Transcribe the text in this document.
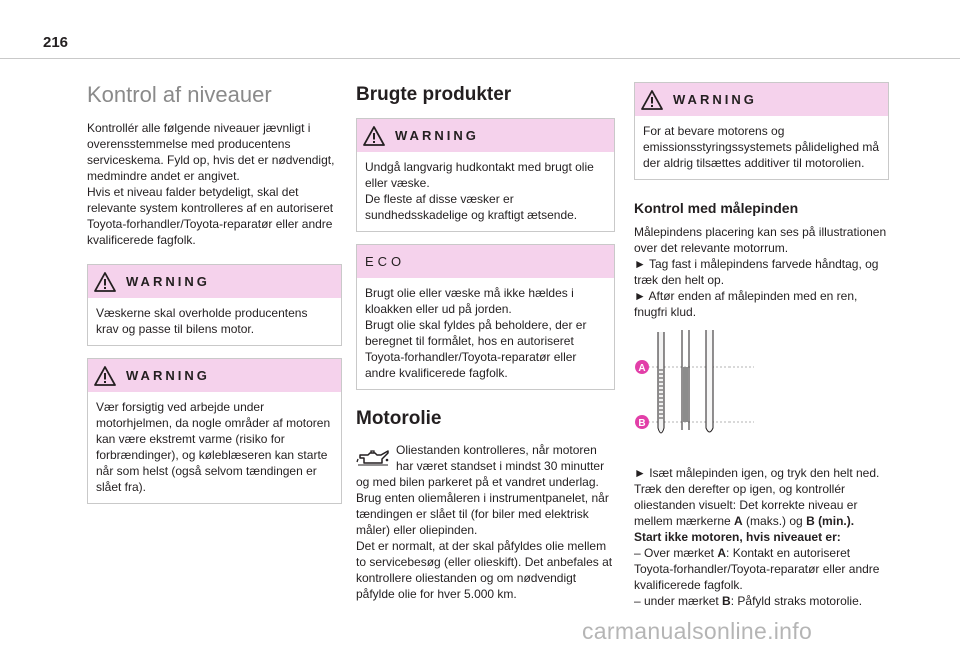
216
Kontrol af niveauer

Kontrollér alle følgende niveauer jævnligt i overensstemmelse med producentens serviceskema. Fyld op, hvis det er nødvendigt, medmindre andet er angivet.
Hvis et niveau falder betydeligt, skal det relevante system kontrolleres af en autoriseret Toyota-forhandler/Toyota-reparatør eller andre kvalificerede fagfolk.

WARNING
Væskerne skal overholde producentens krav og passe til bilens motor.
WARNING
Vær forsigtig ved arbejde under motorhjelmen, da nogle områder af motoren kan være ekstremt varme (risiko for forbrændinger), og køleblæseren kan starte når som helst (også selvom tændingen er slået fra).
Brugte produkter
WARNING
Undgå langvarig hudkontakt med brugt olie eller væske.
De fleste af disse væsker er sundhedsskadelige og kraftigt ætsende.
ECO
Brugt olie eller væske må ikke hældes i kloakken eller ud på jorden.
Brugt olie skal fyldes på beholdere, der er beregnet til formålet, hos en autoriseret Toyota-forhandler/Toyota-reparatør eller andre kvalificerede fagfolk.
Motorolie

Oliestanden kontrolleres, når motoren har været standset i mindst 30 minutter og med bilen parkeret på et vandret underlag. Brug enten oliemåleren i instrumentpanelet, når tændingen er slået til (for biler med elektrisk måler) eller oliepinden.
Det er normalt, at der skal påfyldes olie mellem to servicebesøg (eller olieskift). Det anbefales at kontrollere oliestanden og om nødvendigt påfylde olie for hver 5.000 km.

WARNING
For at bevare motorens og emissionsstyringssystemets pålidelighed må der aldrig tilsættes additiver til motorolien.
Kontrol med målepinden

Målepindens placering kan ses på illustrationen over det relevante motorrum.
► Tag fast i målepindens farvede håndtag, og træk den helt op.
► Aftør enden af målepinden med en ren, fnugfri klud.

A
B

► Isæt målepinden igen, og tryk den helt ned. Træk den derefter op igen, og kontrollér oliestanden visuelt: Det korrekte niveau er mellem mærkerne A (maks.) og B (min.).
Start ikke motoren, hvis niveauet er:
– Over mærket A: Kontakt en autoriseret Toyota-forhandler/Toyota-reparatør eller andre kvalificerede fagfolk.
– under mærket B: Påfyld straks motorolie.

carmanualsonline.info
